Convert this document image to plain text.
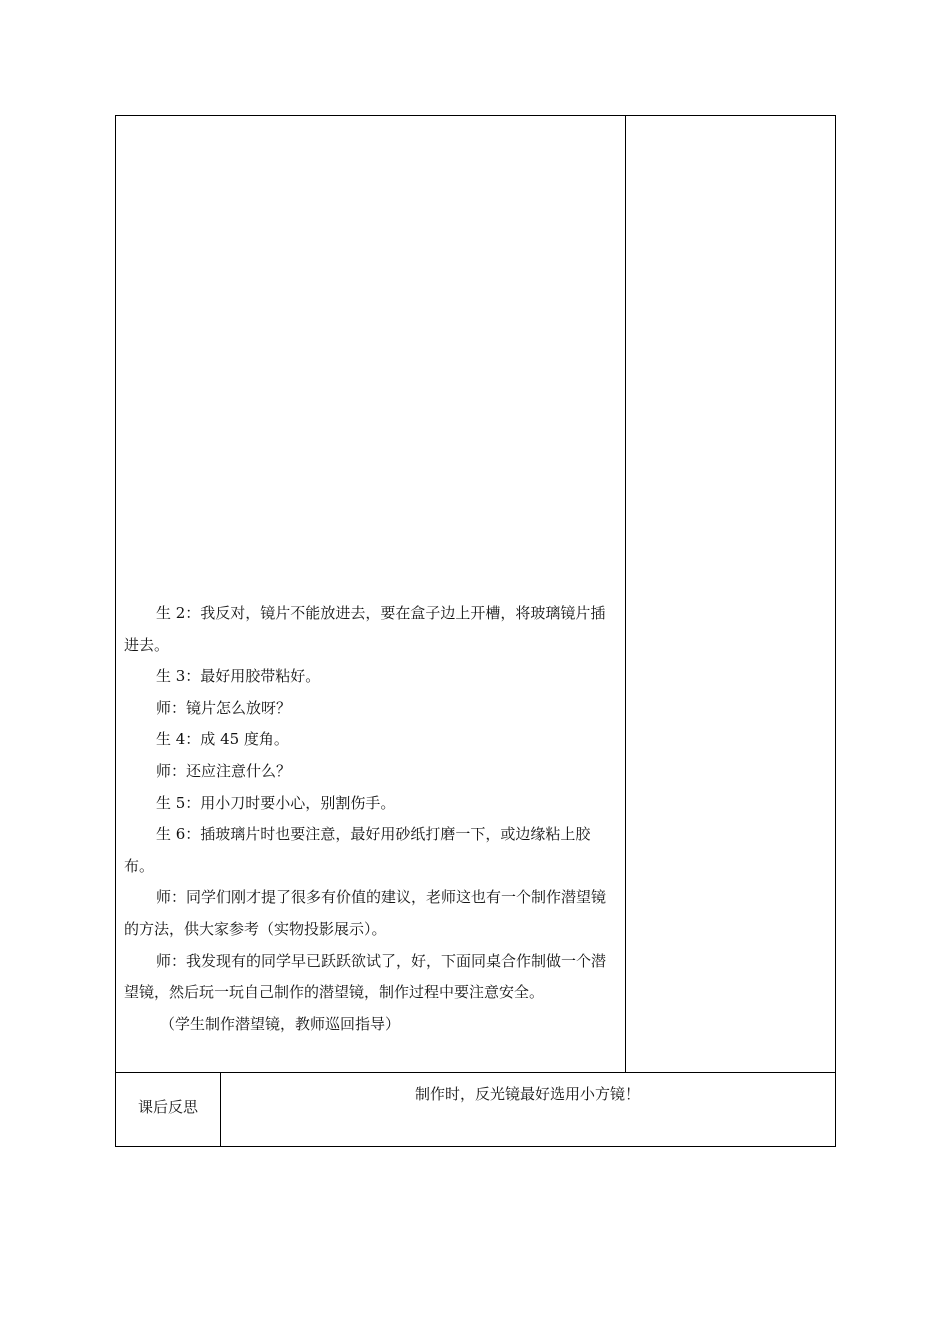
生 2：我反对，镜片不能放进去，要在盒子边上开槽，将玻璃镜片插进去。

生 3：最好用胶带粘好。

师：镜片怎么放呀？

生 4：成 45 度角。

师：还应注意什么？

生 5：用小刀时要小心，别割伤手。

生 6：插玻璃片时也要注意，最好用砂纸打磨一下，或边缘粘上胶布。

师：同学们刚才提了很多有价值的建议，老师这也有一个制作潜望镜的方法，供大家参考（实物投影展示）。

师：我发现有的同学早已跃跃欲试了，好，下面同桌合作制做一个潜望镜，然后玩一玩自己制作的潜望镜，制作过程中要注意安全。

（学生制作潜望镜，教师巡回指导）

课后反思
制作时，反光镜最好选用小方镜！
